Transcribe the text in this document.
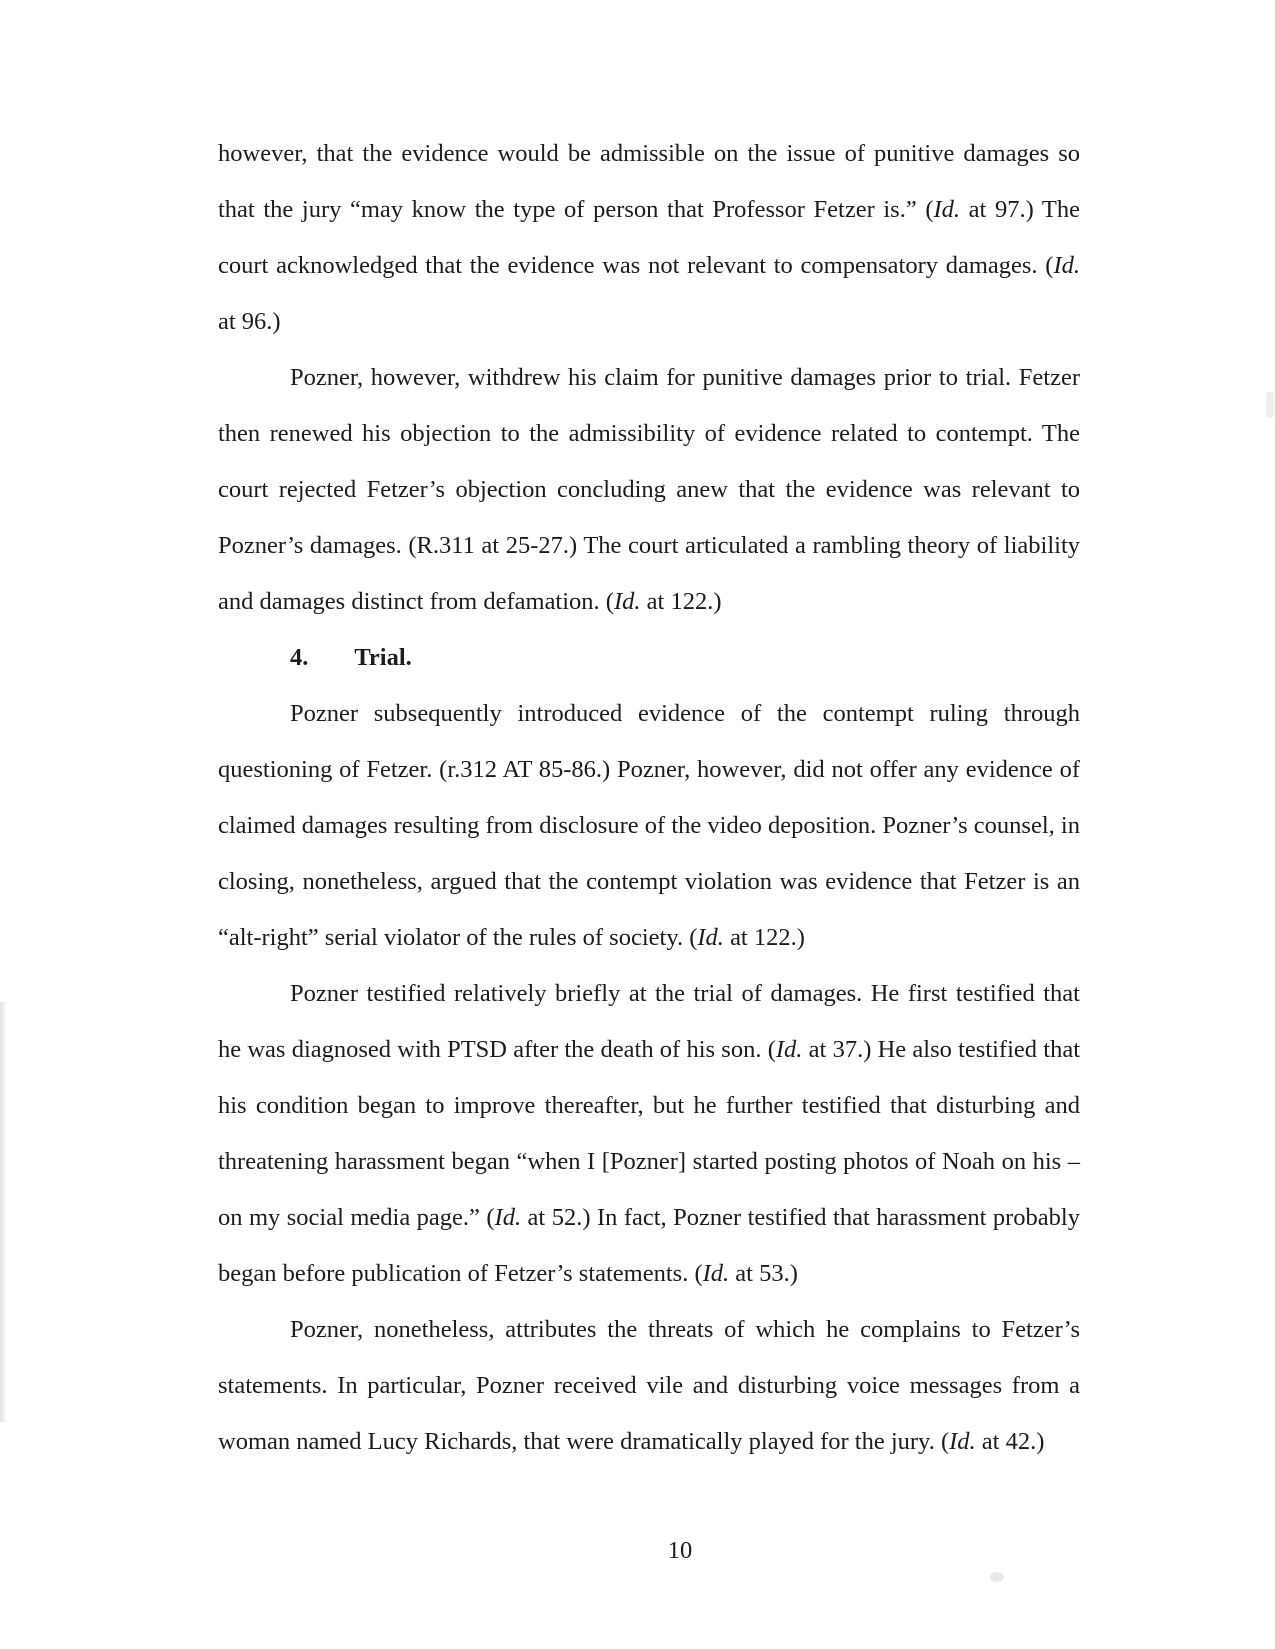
however, that the evidence would be admissible on the issue of punitive damages so that the jury “may know the type of person that Professor Fetzer is.” (Id. at 97.) The court acknowledged that the evidence was not relevant to compensatory damages. (Id. at 96.)

Pozner, however, withdrew his claim for punitive damages prior to trial. Fetzer then renewed his objection to the admissibility of evidence related to contempt. The court rejected Fetzer’s objection concluding anew that the evidence was relevant to Pozner’s damages. (R.311 at 25-27.) The court articulated a rambling theory of liability and damages distinct from defamation. (Id. at 122.)

4. Trial.

Pozner subsequently introduced evidence of the contempt ruling through questioning of Fetzer. (r.312 AT 85-86.) Pozner, however, did not offer any evidence of claimed damages resulting from disclosure of the video deposition. Pozner’s counsel, in closing, nonetheless, argued that the contempt violation was evidence that Fetzer is an “alt-right” serial violator of the rules of society. (Id. at 122.)

Pozner testified relatively briefly at the trial of damages. He first testified that he was diagnosed with PTSD after the death of his son. (Id. at 37.) He also testified that his condition began to improve thereafter, but he further testified that disturbing and threatening harassment began “when I [Pozner] started posting photos of Noah on his – on my social media page.” (Id. at 52.) In fact, Pozner testified that harassment probably began before publication of Fetzer’s statements. (Id. at 53.)

Pozner, nonetheless, attributes the threats of which he complains to Fetzer’s statements. In particular, Pozner received vile and disturbing voice messages from a woman named Lucy Richards, that were dramatically played for the jury. (Id. at 42.)

10
